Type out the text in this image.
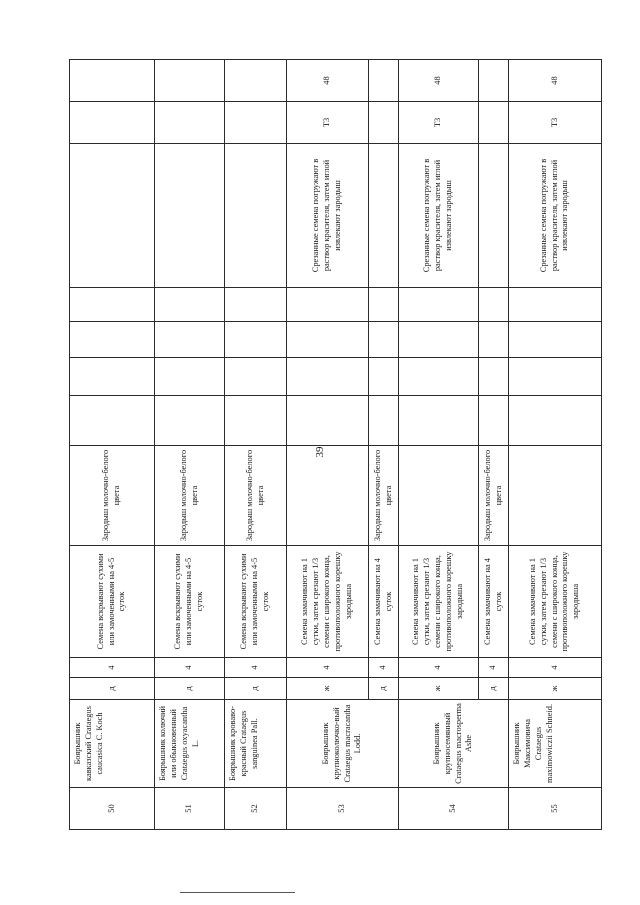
39
50	Боярышник кавказский Crataegus caucasica C. Koch	д	4	Семена вскрывают сухими или замоченными на 4-5 суток	Зародыш молочно-белого цвета							
51	Боярышник колючий или обыкновенный Crataegus oxyacantha L.	д	4	Семена вскрывают сухими или замоченными на 4-5 суток	Зародыш молочно-белого цвета							
52	Боярышник кроваво-красный Crataegus sanguinea Pall.	д	4	Семена вскрывают сухими или замоченными на 4-5 суток	Зародыш молочно-белого цвета							
53	Боярышник крупноколючко-вый Crataegus macracantha Lodd.	ж	4	Семена замачивают на 1 сутки, затем срезают 1/3 семени с широкого конца, противоположного корешку зародыша						Срезанные семена погружают в раствор красителя, затем иглой извлекают зародыш	Т3	48
		д	4	Семена замачивают на 4 суток	Зародыш молочно-белого цвета							
54	Боярышник крупносемянный Crataegus macrosperma Ashe	ж	4	Семена замачивают на 1 сутки, затем срезают 1/3 семени с широкого конца, противоположного корешку зародыша						Срезанные семена погружают в раствор красителя, затем иглой извлекают зародыш	Т3	48
		д	4	Семена замачивают на 4 суток	Зародыш молочно-белого цвета							
55	Боярышник Максимовича Crataegus maximowiczii Schneid.	ж	4	Семена замачивают на 1 сутки, затем срезают 1/3 семени с широкого конца, противоположного корешку зародыша						Срезанные семена погружают в раствор красителя, затем иглой извлекают зародыш	Т3	48
